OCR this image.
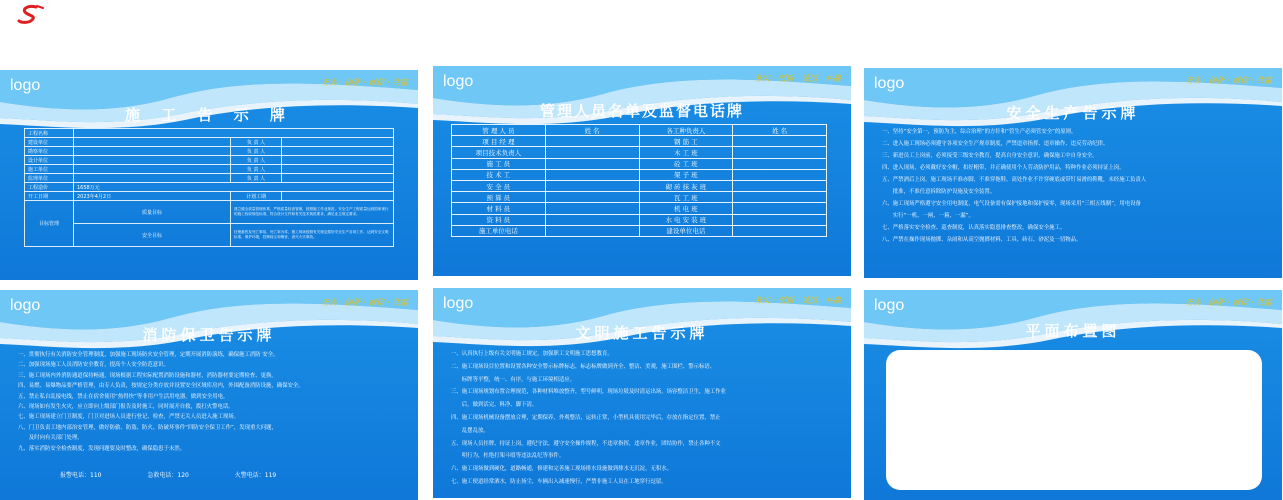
logo	务实 · 创新 · 诚信 · 共赢
施 工 告 示 牌
工程名称			
建设单位		负 责 人	
勘察单位		负 责 人	
设计单位		负 责 人	
施工单位		负 责 人	
监理单位		负 责 人	
工程造价	1658万元		
开工日期	2023年4月2日	计划工期	
目标管理	质量目标	建立健全质量管理体系，严格质量检查管理，按照施工作业规范、安全生产工程质量达到国家现行的施工验收规范标准，符合设计文件和有关技术规范要求，满足业主规定要求。	
	安全目标	杜绝重伤及死亡事故，死亡率为零，施工现场按照有关规定做好安全生产各项工作，达到安全文明标准，保护环境，控制扬尘和噪音，消灭火灾事故。	
logo	务实 · 创新 · 诚信 · 共赢
管理人员名单及监督电话牌
管 理 人 员	姓 名	各工种负责人	姓 名
项 目 经 理		钢 筋 工	
项目技术负责人		木 工 班	
施 工 员		砼 工 班	
技 术 工		架 子 班	
安 全 员		砌 砖 抹 灰 班	
预 算 员		瓦 工 班	
材 料 员		机 电 班	
资 料 员		水 电 安 装 班	
施工单位电话		建设单位电话	
logo	务实 · 创新 · 诚信 · 共赢
安全生产告示牌
一、坚持“安全第一，预防为主，综合治理”的方针和“管生产必须管安全”的原则。
二、进入施工现场必须遵守各项安全生产规章制度，严禁违章指挥、违章操作、违反劳动纪律。
三、新进员工上岗前，必须接受三级安全教育，提高自身安全意识，确保施工中自身安全。
四、进入现场，必须戴好安全帽，扣好帽带，并正确使用个人劳动防护用品，特种作业必须持证上岗。
五、严禁酒后上岗，施工现场不准赤脚，不准穿拖鞋、高处作业不许穿硬底或带钉易滑的鞋靴，未经施工负责人
　　批准，不准任意拆除防护设施及安全装置。
六、施工现场严格遵守安全用电制度，电气设备需有保护接地和保护接零，现场采用“三相五线制”，用电设备
　　实行“一机、一闸、一箱、一漏”。
七、严格落实安全检查、巡查制度，认真落实隐患排查整改，确保安全施工。
八、严禁在操作现场抛掷、杂闹和从高空抛掷材料、工具、砖石、砂泥及一切物品。
logo	务实 · 创新 · 诚信 · 共赢
消防保卫告示牌
一、贯彻执行有关消防安全管理制度，加强施工现场防火安全管理，定期开展消防演练，确保施工消防 安全。
二、加强现场施工人员消防安全教育，提高个人安全防范意识。
三、施工现场内外消防通道保持畅通，现场根据工程实际配置消防设施和器材，消防器材要定期检查、更换。
四、易燃、易爆物品要严格管理，由专人负责，按规定分类存放并设置安全区域库房内，外围配备消防设施，确保安全。
五、禁止私自乱接电线，禁止在宿舍使用“热得快”等非用户生活用电器，做到安全用电。
六、现场如有发生火灾，应立即向上级部门报告及时施工，同时展开自救，拨打火警电话。
七、施工现场建立门卫制度，门卫对进场人员进行登记、检查，严禁无关人员进入施工现场。
八、门卫负责工地内部治安管理，做好防偷、防盗、防火、防破坏事件“四防安全保卫工作”，发现重大问题，
　　及时向有关部门处理。
九、落实消防安全检查制度，发现问题要及时整改，确保隐患于未然。
报警电话：110	急救电话：120	火警电话：119
logo	务实 · 创新 · 诚信 · 共赢
文明施工告示牌
一、认真执行上级有关文明施工规定，加强职工文明施工思想教育。
二、施工现场设目位置和设置各种安全警示标牌标志，标志标牌做到齐全、整洁、美观，施工围栏、警示标语、
　　标牌等平整，统一、有序，与施工环境相适应。
三、施工现场规划布置合理规范，各种材料堆放整齐，型号鲜明，现场垃圾及时清运出场，场容整洁卫生，施工作业
　　后，做到活完、料净、脚下清。
四、施工现场机械设备摆放合理，定期保养，外观整洁，运转正常，小型机具使用完毕后，存放在指定位置，禁止
　　乱摆乱放。
五、现场人员挂牌、持证上岗，遵纪守法，遵守安全操作规程，不违章指挥，违章作业，团结协作，禁止各种不文
　　明行为，杜绝打架斗殴等违法乱纪等事件。
六、施工现场做到硬化，道路畅通，修建和完善施工现场排水设施做到排水无沉淀，无积水。
七、施工便道经常洒水，防止扬尘，车辆出入减速慢行，严禁非施工人员在工地穿行逗留。
logo	务实 · 创新 · 诚信 · 共赢
平面布置图
